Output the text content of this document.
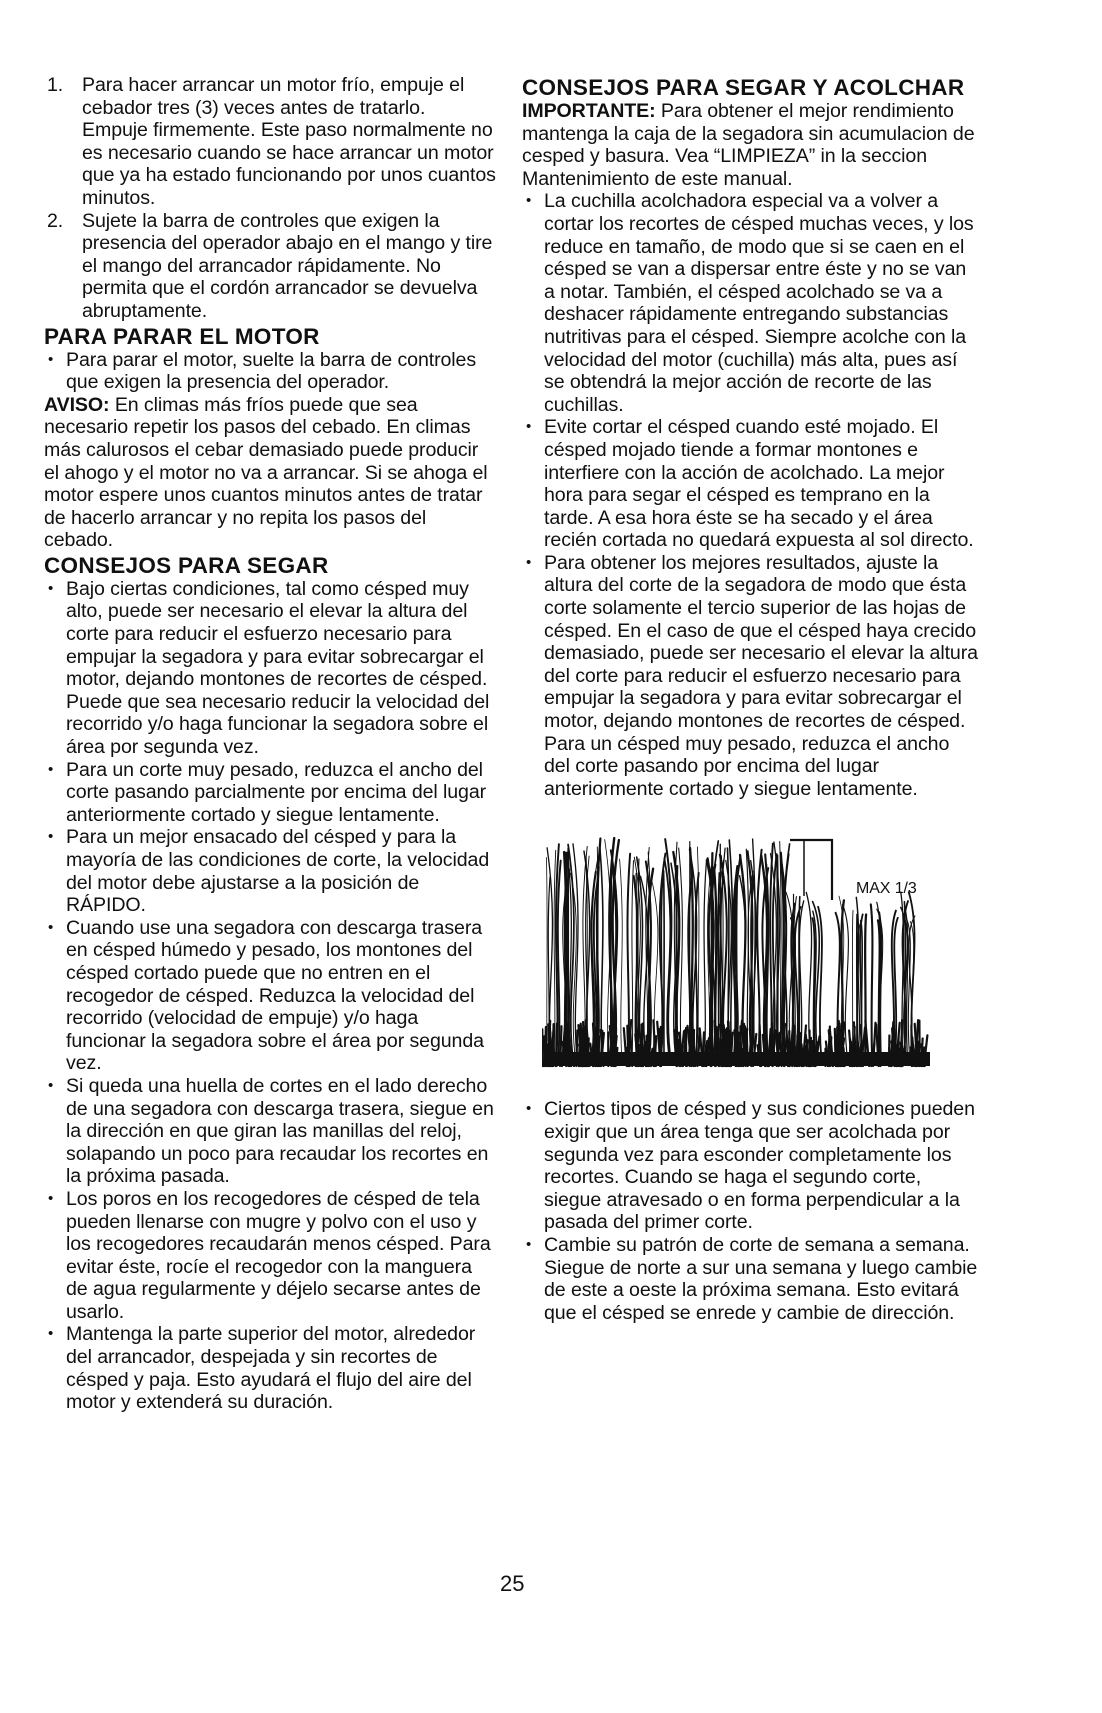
1. Para hacer arrancar un motor frío, empuje el cebador tres (3) veces antes de tratarlo. Empuje firmemente. Este paso normalmente no es necesario cuando se hace arrancar un motor que ya ha estado funcionando por unos cuantos minutos.
2. Sujete la barra de controles que exigen la presencia del operador abajo en el mango y tire el mango del arrancador rápidamente. No permita que el cordón arrancador se devuelva abruptamente.
PARA PARAR EL MOTOR
• Para parar el motor, suelte la barra de controles que exigen la presencia del operador.

AVISO: En climas más fríos puede que sea necesario repetir los pasos del cebado. En climas más calurosos el cebar demasiado puede producir el ahogo y el motor no va a arrancar. Si se ahoga el motor espere unos cuantos minutos antes de tratar de hacerlo arrancar y no repita los pasos del cebado.

CONSEJOS PARA SEGAR
• Bajo ciertas condiciones, tal como césped muy alto, puede ser necesario el elevar la altura del corte para reducir el esfuerzo necesario para empujar la segadora y para evitar sobrecargar el motor, dejando montones de recortes de césped. Puede que sea necesario reducir la velocidad del recorrido y/o haga funcionar la segadora sobre el área por segunda vez.
• Para un corte muy pesado, reduzca el ancho del corte pasando parcialmente por encima del lugar anteriormente cortado y siegue lentamente.
• Para un mejor ensacado del césped y para la mayoría de las condiciones de corte, la velocidad del motor debe ajustarse a la posición de RÁPIDO.
• Cuando use una segadora con descarga trasera en césped húmedo y pesado, los montones del césped cortado puede que no entren en el recogedor de césped. Reduzca la velocidad del recorrido (velocidad de empuje) y/o haga funcionar la segadora sobre el área por segunda vez.
• Si queda una huella de cortes en el lado derecho de una segadora con descarga trasera, siegue en la dirección en que giran las manillas del reloj, solapando un poco para recaudar los recortes en la próxima pasada.
• Los poros en los recogedores de césped de tela pueden llenarse con mugre y polvo con el uso y los recogedores recaudarán menos césped. Para evitar éste, rocíe el recogedor con la manguera de agua regularmente y déjelo secarse antes de usarlo.
• Mantenga la parte superior del motor, alrededor del arrancador, despejada y sin recortes de césped y paja. Esto ayudará el flujo del aire del motor y extenderá su duración.
CONSEJOS PARA SEGAR Y ACOLCHAR

IMPORTANTE: Para obtener el mejor rendimiento mantenga la caja de la segadora sin acumulacion de cesped y basura. Vea “LIMPIEZA” in la seccion Mantenimiento de este manual.

• La cuchilla acolchadora especial va a volver a cortar los recortes de césped muchas veces, y los reduce en tamaño, de modo que si se caen en el césped se van a dispersar entre éste y no se van a notar. También, el césped acolchado se va a deshacer rápidamente entregando substancias nutritivas para el césped. Siempre acolche con la velocidad del motor (cuchilla) más alta, pues así se obtendrá la mejor acción de recorte de las cuchillas.
• Evite cortar el césped cuando esté mojado. El césped mojado tiende a formar montones e interfiere con la acción de acolchado. La mejor hora para segar el césped es temprano en la tarde. A esa hora éste se ha secado y el área recién cortada no quedará expuesta al sol directo.
• Para obtener los mejores resultados, ajuste la altura del corte de la segadora de modo que ésta corte solamente el tercio superior de las hojas de césped. En el caso de que el césped haya crecido demasiado, puede ser necesario el elevar la altura del corte para reducir el esfuerzo necesario para empujar la segadora y para evitar sobrecargar el motor, dejando montones de recortes de césped. Para un césped muy pesado, reduzca el ancho del corte pasando por encima del lugar anteriormente cortado y siegue lentamente.
MAX 1/3
• Ciertos tipos de césped y sus condiciones pueden exigir que un área tenga que ser acolchada por segunda vez para esconder completamente los recortes. Cuando se haga el segundo corte, siegue atravesado o en forma perpendicular a la pasada del primer corte.
• Cambie su patrón de corte de semana a semana. Siegue de norte a sur una semana y luego cambie de este a oeste la próxima semana. Esto evitará que el césped se enrede y cambie de dirección.
25
